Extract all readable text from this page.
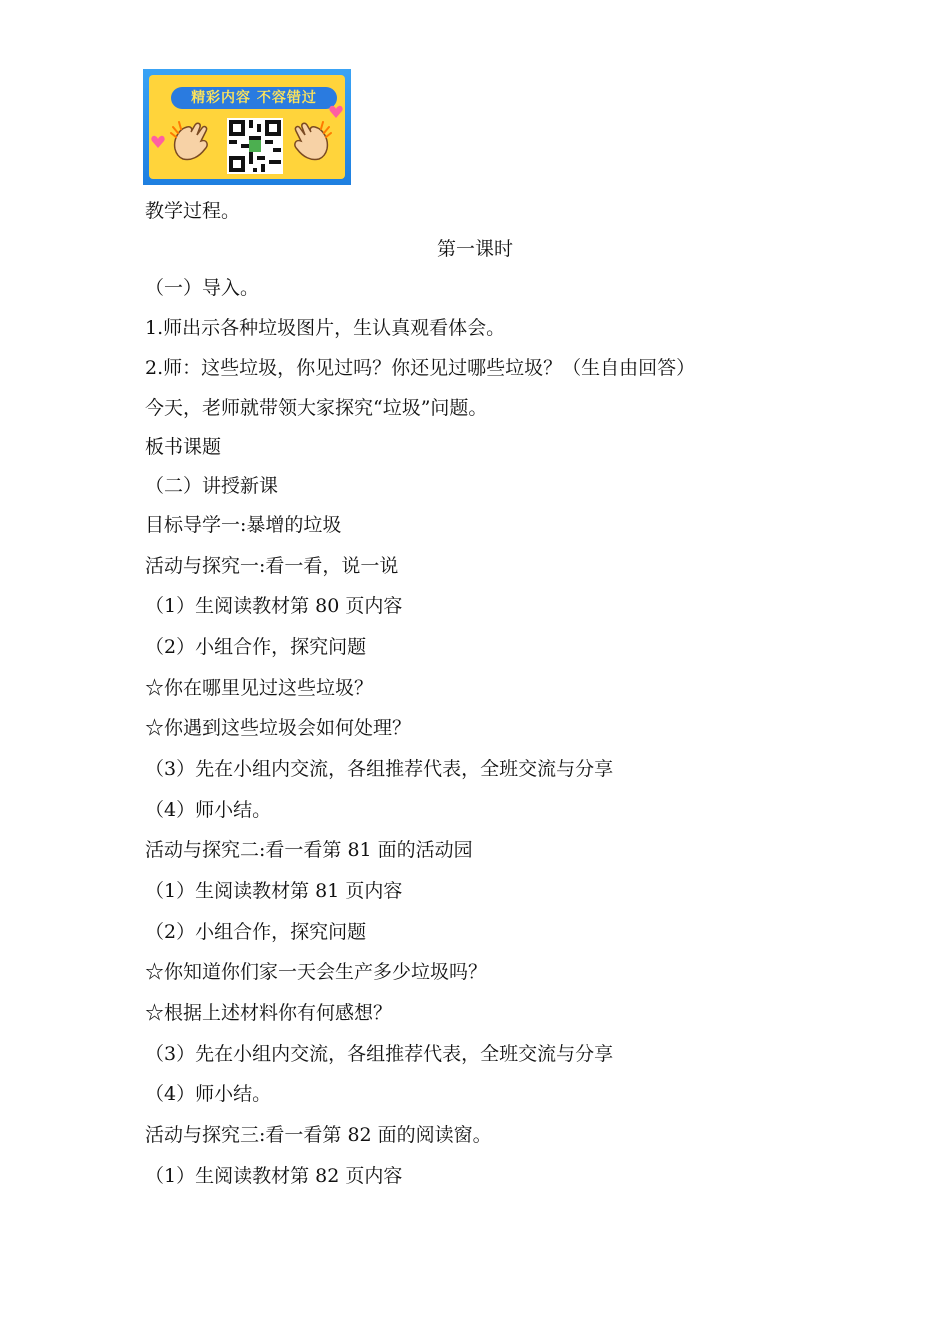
精彩内容 不容错过
教学过程。
第一课时
（一）导入。
1.师出示各种垃圾图片，生认真观看体会。
2.师：这些垃圾，你见过吗？你还见过哪些垃圾？（生自由回答）
今天，老师就带领大家探究“垃圾”问题。
板书课题
（二）讲授新课
目标导学一:暴增的垃圾
活动与探究一:看一看，说一说
（1）生阅读教材第 80 页内容
（2）小组合作，探究问题
☆你在哪里见过这些垃圾？
☆你遇到这些垃圾会如何处理？
（3）先在小组内交流，各组推荐代表，全班交流与分享
（4）师小结。
活动与探究二:看一看第 81 面的活动园
（1）生阅读教材第 81 页内容
（2）小组合作，探究问题
☆你知道你们家一天会生产多少垃圾吗？
☆根据上述材料你有何感想？
（3）先在小组内交流，各组推荐代表，全班交流与分享
（4）师小结。
活动与探究三:看一看第 82 面的阅读窗。
（1）生阅读教材第 82 页内容
